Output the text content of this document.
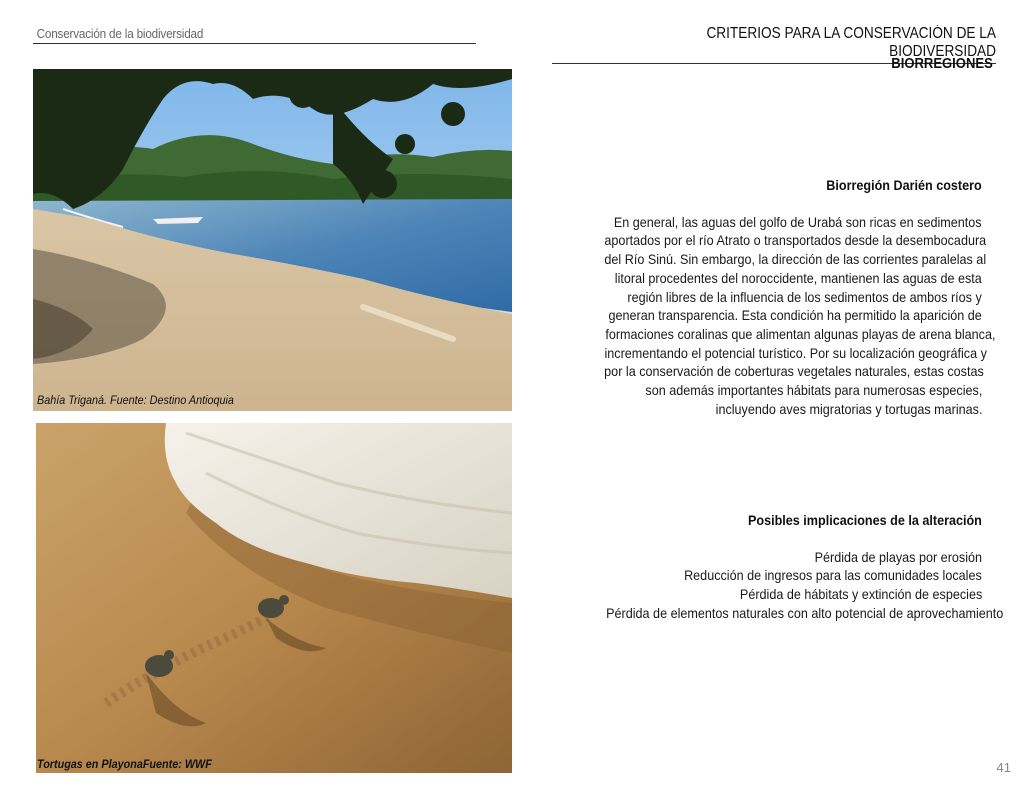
Conservación de la biodiversidad	CRITERIOS PARA LA CONSERVACIÓN DE LA BIODIVERSIDAD
BIORREGIONES
Bahía Triganá. Fuente: Destino Antioquia
Tortugas en PlayonaFuente: WWF
Biorregión Darién costero
En general, las aguas del golfo de Urabá son ricas en sedimentos
aportados por el río Atrato o transportados desde la desembocadura
del Río Sinú. Sin embargo, la dirección de las corrientes paralelas al
litoral procedentes del noroccidente, mantienen las aguas de esta
región libres de la influencia de los sedimentos de ambos ríos y
generan transparencia. Esta condición ha permitido la aparición de
formaciones coralinas que alimentan algunas playas de arena blanca,
incrementando el potencial turístico. Por su localización geográfica y
por la conservación de coberturas vegetales naturales, estas costas
son además importantes hábitats para numerosas especies,
incluyendo aves migratorias y tortugas marinas.
Posibles implicaciones de la alteración
Pérdida de playas por erosión
Reducción de ingresos para las comunidades locales
Pérdida de hábitats y extinción de especies
Pérdida de elementos naturales con alto potencial de aprovechamiento
41
